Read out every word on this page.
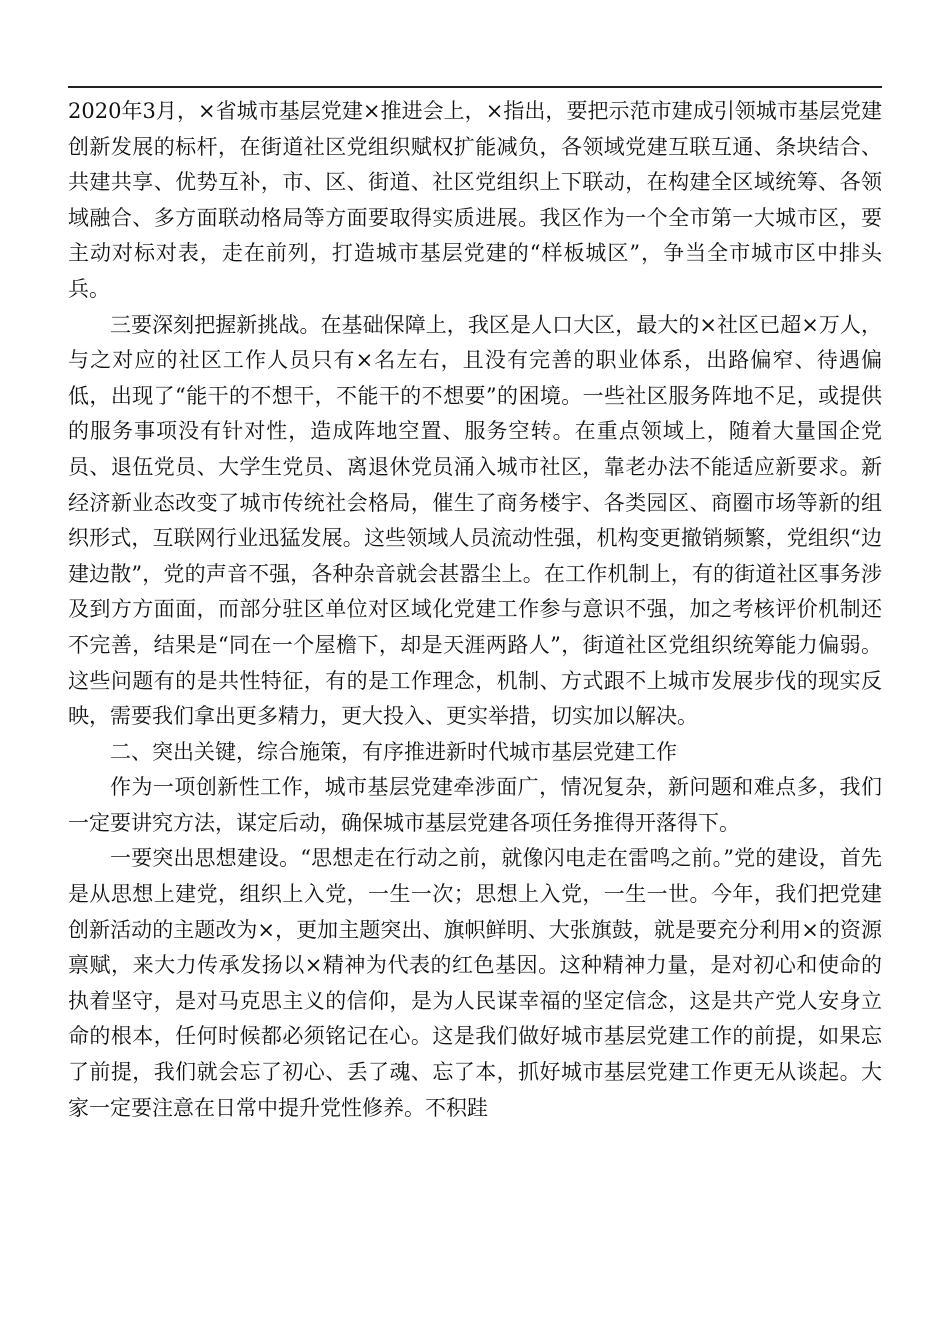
2020年3月，×省城市基层党建×推进会上，×指出，要把示范市建成引领城市基层党建创新发展的标杆，在街道社区党组织赋权扩能减负，各领域党建互联互通、条块结合、共建共享、优势互补，市、区、街道、社区党组织上下联动，在构建全区域统筹、各领域融合、多方面联动格局等方面要取得实质进展。我区作为一个全市第一大城市区，要主动对标对表，走在前列，打造城市基层党建的“样板城区”，争当全市城市区中排头兵。

三要深刻把握新挑战。在基础保障上，我区是人口大区，最大的×社区已超×万人，与之对应的社区工作人员只有×名左右，且没有完善的职业体系，出路偏窄、待遇偏低，出现了“能干的不想干，不能干的不想要”的困境。一些社区服务阵地不足，或提供的服务事项没有针对性，造成阵地空置、服务空转。在重点领域上，随着大量国企党员、退伍党员、大学生党员、离退休党员涌入城市社区，靠老办法不能适应新要求。新经济新业态改变了城市传统社会格局，催生了商务楼宇、各类园区、商圈市场等新的组织形式，互联网行业迅猛发展。这些领域人员流动性强，机构变更撤销频繁，党组织“边建边散”，党的声音不强，各种杂音就会甚嚣尘上。在工作机制上，有的街道社区事务涉及到方方面面，而部分驻区单位对区域化党建工作参与意识不强，加之考核评价机制还不完善，结果是“同在一个屋檐下，却是天涯两路人”，街道社区党组织统筹能力偏弱。这些问题有的是共性特征，有的是工作理念，机制、方式跟不上城市发展步伐的现实反映，需要我们拿出更多精力，更大投入、更实举措，切实加以解决。

二、突出关键，综合施策，有序推进新时代城市基层党建工作

作为一项创新性工作，城市基层党建牵涉面广，情况复杂，新问题和难点多，我们一定要讲究方法，谋定后动，确保城市基层党建各项任务推得开落得下。

一要突出思想建设。“思想走在行动之前，就像闪电走在雷鸣之前。”党的建设，首先是从思想上建党，组织上入党，一生一次；思想上入党，一生一世。今年，我们把党建创新活动的主题改为×，更加主题突出、旗帜鲜明、大张旗鼓，就是要充分利用×的资源禀赋，来大力传承发扬以×精神为代表的红色基因。这种精神力量，是对初心和使命的执着坚守，是对马克思主义的信仰，是为人民谋幸福的坚定信念，这是共产党人安身立命的根本，任何时候都必须铭记在心。这是我们做好城市基层党建工作的前提，如果忘了前提，我们就会忘了初心、丢了魂、忘了本，抓好城市基层党建工作更无从谈起。大家一定要注意在日常中提升党性修养。不积跬
